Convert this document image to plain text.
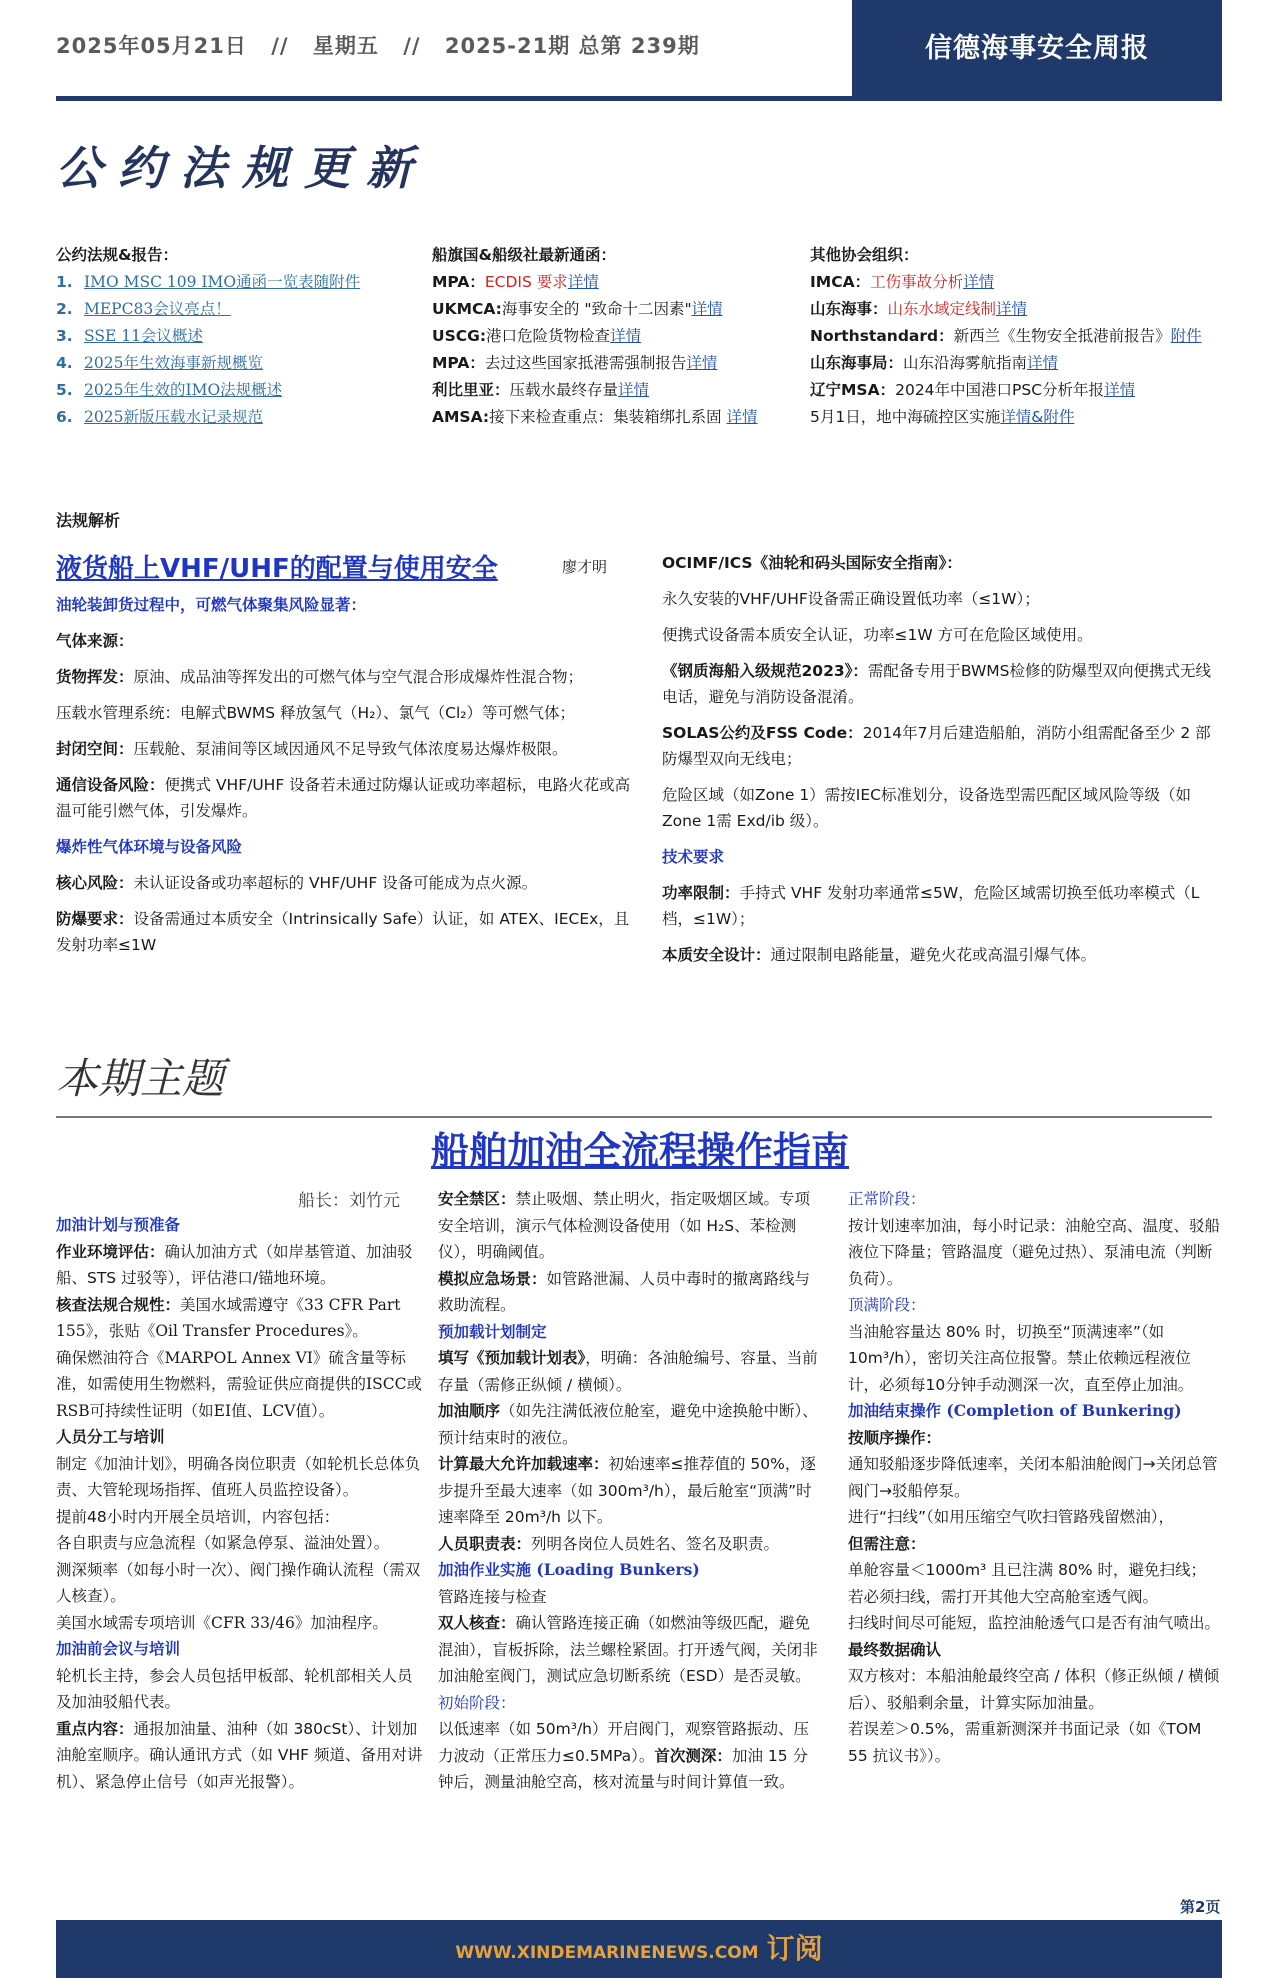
2025年05月21日 // 星期五 // 2025-21期 总第 239期	信德海事安全周报
公约法规更新
公约法规&报告：
1. IMO MSC 109 IMO通函一览表随附件
2. MEPC83会议亮点！
3. SSE 11会议概述
4. 2025年生效海事新规概览
5. 2025年生效的IMO法规概述
6. 2025新版压载水记录规范
船旗国&船级社最新通函：
MPA：ECDIS 要求详情
UKMCA:海事安全的 "致命十二因素"详情
USCG:港口危险货物检查详情
MPA：去过这些国家抵港需强制报告详情
利比里亚：压载水最终存量详情
AMSA:接下来检查重点：集装箱绑扎系固 详情
其他协会组织：
IMCA：工伤事故分析详情
山东海事：山东水域定线制详情
Northstandard：新西兰《生物安全抵港前报告》附件
山东海事局：山东沿海雾航指南详情
辽宁MSA：2024年中国港口PSC分析年报详情
5月1日，地中海硫控区实施详情&附件
法规解析
液货船上VHF/UHF的配置与使用安全	廖才明

油轮装卸货过程中，可燃气体聚集风险显著：

气体来源：

货物挥发：原油、成品油等挥发出的可燃气体与空气混合形成爆炸性混合物；

压载水管理系统：电解式BWMS 释放氢气（H₂）、氯气（Cl₂）等可燃气体；

封闭空间：压载舱、泵浦间等区域因通风不足导致气体浓度易达爆炸极限。

通信设备风险：便携式 VHF/UHF 设备若未通过防爆认证或功率超标，电路火花或高温可能引燃气体，引发爆炸。

爆炸性气体环境与设备风险

核心风险：未认证设备或功率超标的 VHF/UHF 设备可能成为点火源。

防爆要求：设备需通过本质安全（Intrinsically Safe）认证，如 ATEX、IECEx，且发射功率≤1W

OCIMF/ICS《油轮和码头国际安全指南》：

永久安装的VHF/UHF设备需正确设置低功率（≤1W）；

便携式设备需本质安全认证，功率≤1W 方可在危险区域使用。

《钢质海船入级规范2023》：需配备专用于BWMS检修的防爆型双向便携式无线电话，避免与消防设备混淆。

SOLAS公约及FSS Code：2014年7月后建造船舶，消防小组需配备至少 2 部防爆型双向无线电；

危险区域（如Zone 1）需按IEC标准划分，设备选型需匹配区域风险等级（如Zone 1需 Exd/ib 级）。

技术要求

功率限制：手持式 VHF 发射功率通常≤5W，危险区域需切换至低功率模式（L 档，≤1W）；

本质安全设计：通过限制电路能量，避免火花或高温引爆气体。

本期主题
船舶加油全流程操作指南
船长：刘竹元
加油计划与预准备
作业环境评估：确认加油方式（如岸基管道、加油驳船、STS 过驳等），评估港口/锚地环境。
核查法规合规性：美国水域需遵守《33 CFR Part 155》，张贴《Oil Transfer Procedures》。
确保燃油符合《MARPOL Annex VI》硫含量等标准，如需使用生物燃料，需验证供应商提供的ISCC或RSB可持续性证明（如EI值、LCV值）。
人员分工与培训
制定《加油计划》，明确各岗位职责（如轮机长总体负责、大管轮现场指挥、值班人员监控设备）。
提前48小时内开展全员培训，内容包括：
各自职责与应急流程（如紧急停泵、溢油处置）。
测深频率（如每小时一次）、阀门操作确认流程（需双人核查）。
美国水域需专项培训《CFR 33/46》加油程序。
加油前会议与培训
轮机长主持，参会人员包括甲板部、轮机部相关人员及加油驳船代表。
重点内容：通报加油量、油种（如 380cSt）、计划加油舱室顺序。确认通讯方式（如 VHF 频道、备用对讲机）、紧急停止信号（如声光报警）。
安全禁区：禁止吸烟、禁止明火，指定吸烟区域。专项安全培训，演示气体检测设备使用（如 H₂S、苯检测仪），明确阈值。
模拟应急场景：如管路泄漏、人员中毒时的撤离路线与救助流程。
预加载计划制定
填写《预加载计划表》，明确：各油舱编号、容量、当前存量（需修正纵倾 / 横倾）。
加油顺序（如先注满低液位舱室，避免中途换舱中断）、预计结束时的液位。
计算最大允许加载速率：初始速率≤推荐值的 50%，逐步提升至最大速率（如 300m³/h），最后舱室“顶满”时速率降至 20m³/h 以下。
人员职责表：列明各岗位人员姓名、签名及职责。
加油作业实施 (Loading Bunkers)
管路连接与检查
双人核查：确认管路连接正确（如燃油等级匹配，避免混油），盲板拆除，法兰螺栓紧固。打开透气阀，关闭非加油舱室阀门，测试应急切断系统（ESD）是否灵敏。
初始阶段：
以低速率（如 50m³/h）开启阀门，观察管路振动、压力波动（正常压力≤0.5MPa）。首次测深：加油 15 分钟后，测量油舱空高，核对流量与时间计算值一致。
正常阶段：
按计划速率加油，每小时记录：油舱空高、温度、驳船液位下降量；管路温度（避免过热）、泵浦电流（判断负荷）。
顶满阶段：
当油舱容量达 80% 时，切换至“顶满速率”（如 10m³/h），密切关注高位报警。禁止依赖远程液位计，必须每10分钟手动测深一次，直至停止加油。
加油结束操作 (Completion of Bunkering)
按顺序操作：
通知驳船逐步降低速率，关闭本船油舱阀门→关闭总管阀门→驳船停泵。
进行“扫线”（如用压缩空气吹扫管路残留燃油），
但需注意：
单舱容量＜1000m³ 且已注满 80% 时，避免扫线；若必须扫线，需打开其他大空高舱室透气阀。
扫线时间尽可能短，监控油舱透气口是否有油气喷出。
最终数据确认
双方核对：本船油舱最终空高 / 体积（修正纵倾 / 横倾后）、驳船剩余量，计算实际加油量。
若误差＞0.5%，需重新测深并书面记录（如《TOM 55 抗议书》）。
第2页
WWW.XINDEMARINENEWS.COM 订阅
